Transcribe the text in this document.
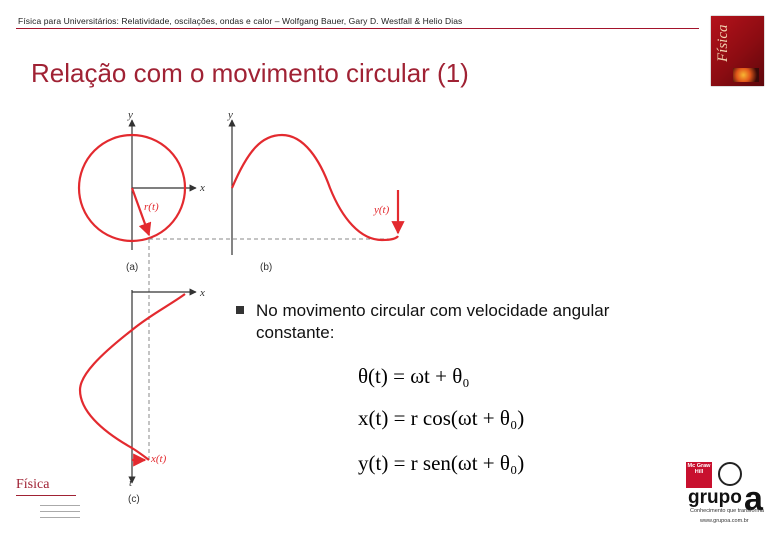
Física para Universitários: Relatividade, oscilações, ondas e calor – Wolfgang Bauer, Gary D. Westfall & Helio Dias
Física
Relação com o movimento circular (1)
y
x
r(t)
(a)
y
y(t)
(b)
x
x(t)
t
(c)
No movimento circular com velocidade angular constante:
θ(t) = ωt + θ₀
x(t) = r cos(ωt + θ₀)
y(t) = r sen(ωt + θ₀)
Física
Mc Graw Hill
a
grupo
Conhecimento que transforma
www.grupoa.com.br
